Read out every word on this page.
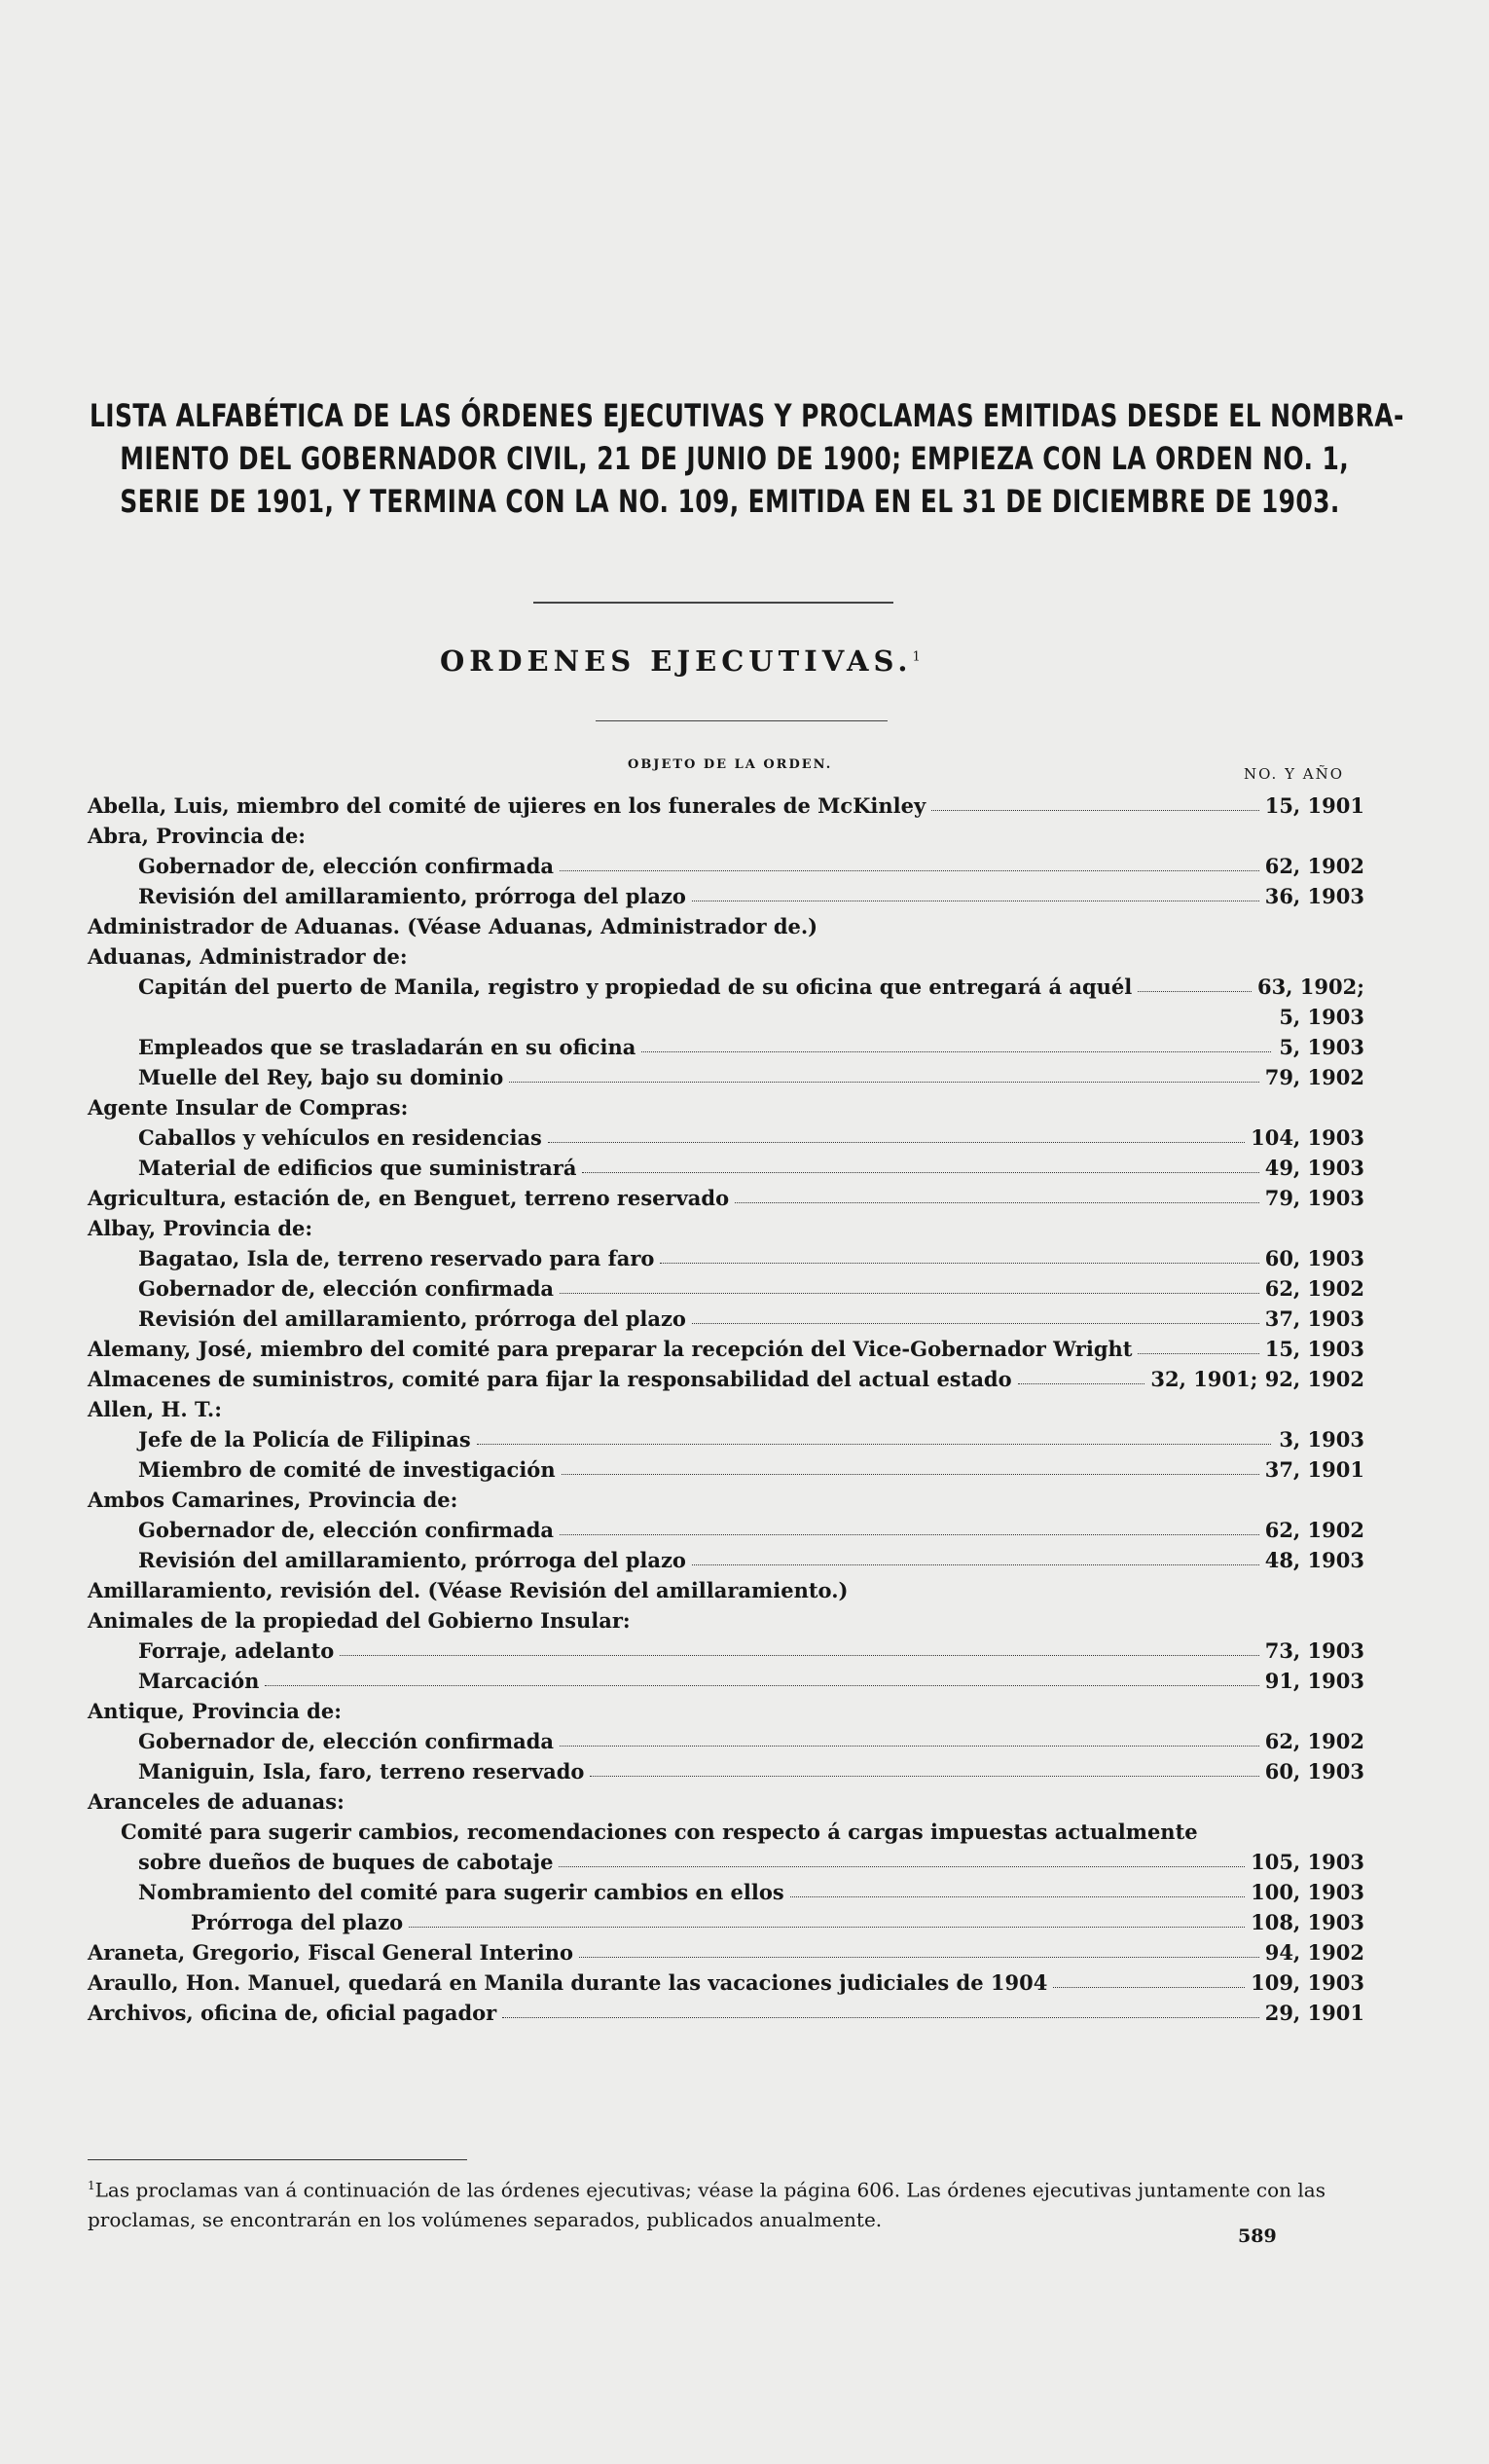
LISTA ALFABÉTICA DE LAS ÓRDENES EJECUTIVAS Y PROCLAMAS EMITIDAS DESDE EL NOMBRA-
MIENTO DEL GOBERNADOR CIVIL, 21 DE JUNIO DE 1900; EMPIEZA CON LA ORDEN NO. 1,
SERIE DE 1901, Y TERMINA CON LA NO. 109, EMITIDA EN EL 31 DE DICIEMBRE DE 1903.
ORDENES EJECUTIVAS.$^1$
OBJETO DE LA ORDEN.
NO. Y AÑO
Abella, Luis, miembro del comité de ujieres en los funerales de McKinley	15, 1901
Abra, Provincia de:
Gobernador de, elección confirmada	62, 1902
Revisión del amillaramiento, prórroga del plazo	36, 1903
Administrador de Aduanas. (Véase Aduanas, Administrador de.)
Aduanas, Administrador de:
Capitán del puerto de Manila, registro y propiedad de su oficina que entregará á aquél	63, 1902;
5, 1903
Empleados que se trasladarán en su oficina	5, 1903
Muelle del Rey, bajo su dominio	79, 1902
Agente Insular de Compras:
Caballos y vehículos en residencias	104, 1903
Material de edificios que suministrará	49, 1903
Agricultura, estación de, en Benguet, terreno reservado	79, 1903
Albay, Provincia de:
Bagatao, Isla de, terreno reservado para faro	60, 1903
Gobernador de, elección confirmada	62, 1902
Revisión del amillaramiento, prórroga del plazo	37, 1903
Alemany, José, miembro del comité para preparar la recepción del Vice-Gobernador Wright	15, 1903
Almacenes de suministros, comité para fijar la responsabilidad del actual estado	32, 1901; 92, 1902
Allen, H. T.:
Jefe de la Policía de Filipinas	3, 1903
Miembro de comité de investigación	37, 1901
Ambos Camarines, Provincia de:
Gobernador de, elección confirmada	62, 1902
Revisión del amillaramiento, prórroga del plazo	48, 1903
Amillaramiento, revisión del. (Véase Revisión del amillaramiento.)
Animales de la propiedad del Gobierno Insular:
Forraje, adelanto	73, 1903
Marcación	91, 1903
Antique, Provincia de:
Gobernador de, elección confirmada	62, 1902
Maniguin, Isla, faro, terreno reservado	60, 1903
Aranceles de aduanas:
Comité para sugerir cambios, recomendaciones con respecto á cargas impuestas actualmente
sobre dueños de buques de cabotaje	105, 1903
Nombramiento del comité para sugerir cambios en ellos	100, 1903
Prórroga del plazo	108, 1903
Araneta, Gregorio, Fiscal General Interino	94, 1902
Araullo, Hon. Manuel, quedará en Manila durante las vacaciones judiciales de 1904	109, 1903
Archivos, oficina de, oficial pagador	29, 1901
$^1$Las proclamas van á continuación de las órdenes ejecutivas; véase la página 606. Las órdenes ejecutivas juntamente con las proclamas, se encontrarán en los volúmenes separados, publicados anualmente.
589
